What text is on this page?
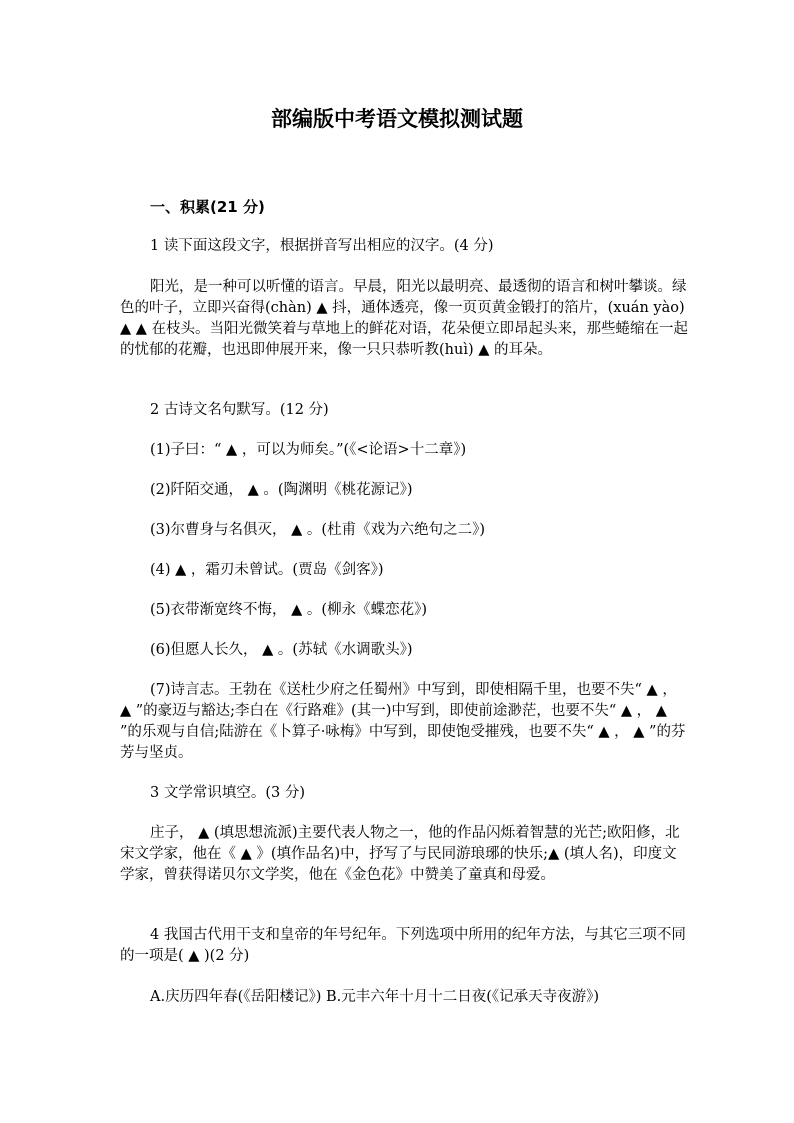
部编版中考语文模拟测试题
一、积累(21 分)
1 读下面这段文字，根据拼音写出相应的汉字。(4 分)

阳光，是一种可以听懂的语言。早晨，阳光以最明亮、最透彻的语言和树叶攀谈。绿色的叶子，立即兴奋得(chàn) ▲ 抖，通体透亮，像一页页黄金锻打的箔片，(xuán yào) ▲ ▲ 在枝头。当阳光微笑着与草地上的鲜花对语，花朵便立即昂起头来，那些蜷缩在一起的忧郁的花瓣，也迅即伸展开来，像一只只恭听教(huì) ▲ 的耳朵。

2 古诗文名句默写。(12 分)
(1)子曰：“ ▲ ，可以为师矣。”(《<论语>十二章》)
(2)阡陌交通， ▲ 。(陶渊明《桃花源记》)
(3)尔曹身与名俱灭， ▲ 。(杜甫《戏为六绝句之二》)
(4) ▲ ，霜刃未曾试。(贾岛《剑客》)
(5)衣带渐宽终不悔， ▲ 。(柳永《蝶恋花》)
(6)但愿人长久， ▲ 。(苏轼《水调歌头》)

(7)诗言志。王勃在《送杜少府之任蜀州》中写到，即使相隔千里，也要不失“ ▲ ， ▲ ”的豪迈与豁达;李白在《行路难》(其一)中写到，即使前途渺茫，也要不失“ ▲ ， ▲ ”的乐观与自信;陆游在《卜算子·咏梅》中写到，即使饱受摧残，也要不失“ ▲ ， ▲ ”的芬芳与坚贞。

3 文学常识填空。(3 分)

庄子， ▲ (填思想流派)主要代表人物之一，他的作品闪烁着智慧的光芒;欧阳修，北宋文学家，他在《 ▲ 》(填作品名)中，抒写了与民同游琅琊的快乐;▲ (填人名)，印度文学家，曾获得诺贝尔文学奖，他在《金色花》中赞美了童真和母爱。

4 我国古代用干支和皇帝的年号纪年。下列选项中所用的纪年方法，与其它三项不同的一项是( ▲ )(2 分)

A.庆历四年春(《岳阳楼记》) B.元丰六年十月十二日夜(《记承天寺夜游》)
